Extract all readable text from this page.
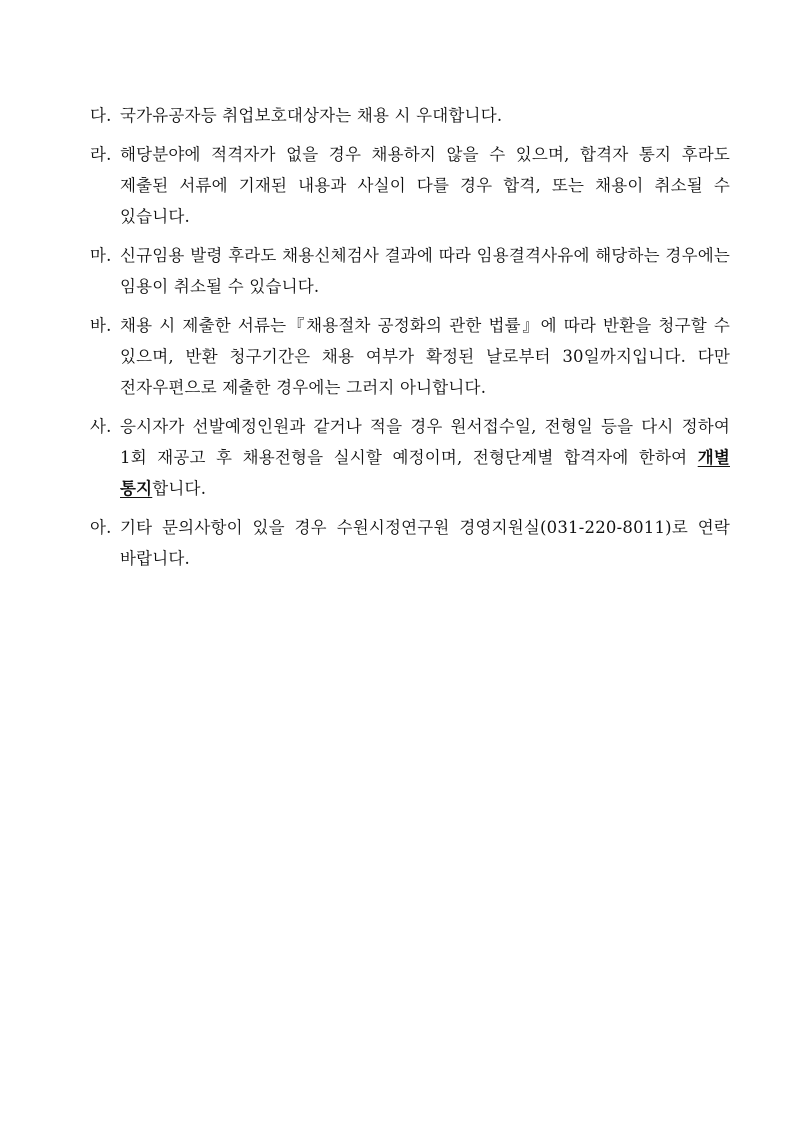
다. 국가유공자등 취업보호대상자는 채용 시 우대합니다.
라. 해당분야에 적격자가 없을 경우 채용하지 않을 수 있으며, 합격자 통지 후라도 제출된 서류에 기재된 내용과 사실이 다를 경우 합격, 또는 채용이 취소될 수 있습니다.
마. 신규임용 발령 후라도 채용신체검사 결과에 따라 임용결격사유에 해당하는 경우에는 임용이 취소될 수 있습니다.
바. 채용 시 제출한 서류는『채용절차 공정화의 관한 법률』에 따라 반환을 청구할 수 있으며, 반환 청구기간은 채용 여부가 확정된 날로부터 30일까지입니다. 다만 전자우편으로 제출한 경우에는 그러지 아니합니다.
사. 응시자가 선발예정인원과 같거나 적을 경우 원서접수일, 전형일 등을 다시 정하여 1회 재공고 후 채용전형을 실시할 예정이며, 전형단계별 합격자에 한하여 개별 통지합니다.
아. 기타 문의사항이 있을 경우 수원시정연구원 경영지원실(031-220-8011)로 연락 바랍니다.
